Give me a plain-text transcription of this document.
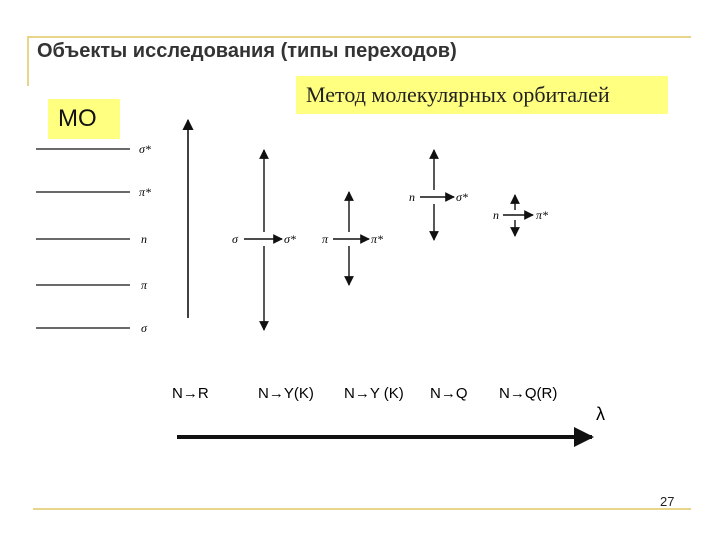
Объекты исследования (типы переходов)
Метод молекулярных орбиталей
МО
σ*
π*
n
π
σ
σ	σ* π	π*
n	σ*
n	π*
N→R	N→Y(K) N→Y (K) N→Q N→Q(R)
λ
27
